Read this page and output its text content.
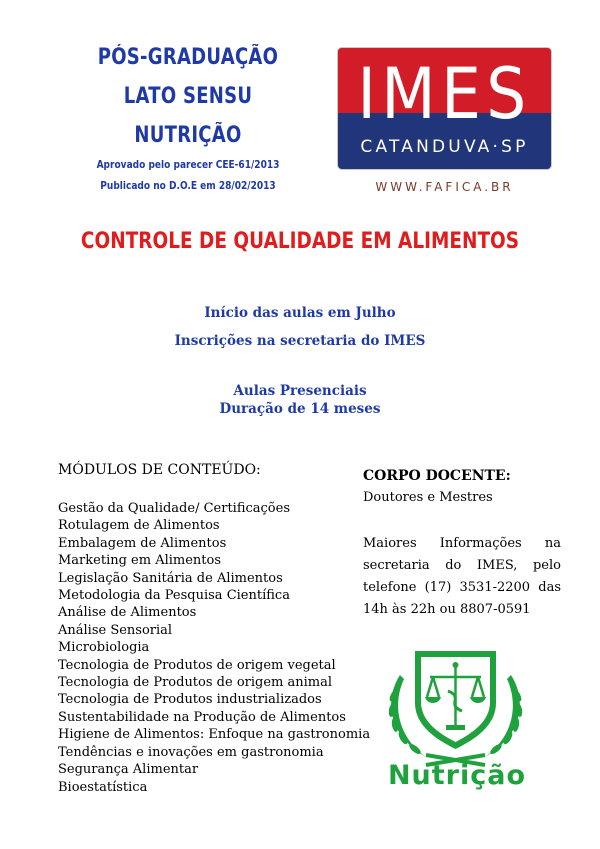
PÓS-GRADUAÇÃO
LATO SENSU
NUTRIÇÃO
Aprovado pelo parecer CEE-61/2013
Publicado no D.O.E em 28/02/2013
IMES
CATANDUVA·SP
WWW.FAFICA.BR
CONTROLE DE QUALIDADE EM ALIMENTOS
Início das aulas em Julho
Inscrições na secretaria do IMES
Aulas Presenciais
Duração de 14 meses
MÓDULOS DE CONTEÚDO:
Gestão da Qualidade/ Certificações
Rotulagem de Alimentos
Embalagem de Alimentos
Marketing em Alimentos
Legislação Sanitária de Alimentos
Metodologia da Pesquisa Científica
Análise de Alimentos
Análise Sensorial
Microbiologia
Tecnologia de Produtos de origem vegetal
Tecnologia de Produtos de origem animal
Tecnologia de Produtos industrializados
Sustentabilidade na Produção de Alimentos
Higiene de Alimentos: Enfoque na gastronomia
Tendências e inovações em gastronomia
Segurança Alimentar
Bioestatística
CORPO DOCENTE:
Doutores e Mestres
Maiores Informações na secretaria do IMES, pelo telefone (17) 3531-2200 das 14h às 22h ou 8807-0591
Nutrição
